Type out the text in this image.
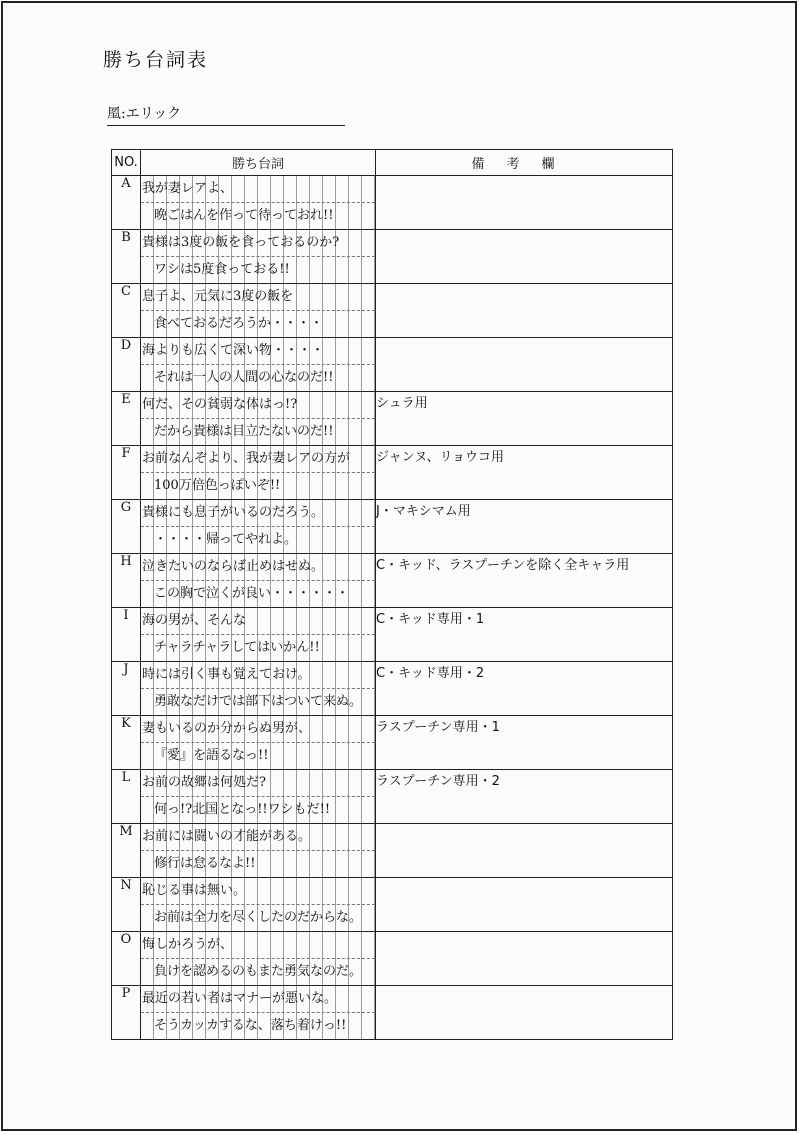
勝ち台詞表
㓘:エリック
NO.	勝ち台詞	備考欄
A	我が妻レアよ、
晩ごはんを作って待っておれ!!	

B	貴様は3度の飯を食っておるのか?
ワシは5度食っておる!!	

C	息子よ、元気に3度の飯を
食べておるだろうか・・・・	

D	海よりも広くて深い物・・・・
それは一人の人間の心なのだ!!	

E	何だ、その貧弱な体はっ!?
だから貴様は目立たないのだ!!	シュラ用
F	お前なんぞより、我が妻レアの方が
100万倍色っぽいぞ!!	ジャンヌ、リョウコ用
G	貴様にも息子がいるのだろう。
・・・・帰ってやれよ。	J・マキシマム用
H	泣きたいのならば止めはせぬ。
この胸で泣くが良い・・・・・・	C・キッド、ラスプーチンを除く全キャラ用
I	海の男が、そんな
チャラチャラしてはいかん!!	C・キッド専用・1
J	時には引く事も覚えておけ。
勇敢なだけでは部下はついて来ぬ。	C・キッド専用・2
K	妻もいるのか分からぬ男が、
『愛』を語るなっ!!	ラスプーチン専用・1
L	お前の故郷は何処だ?
何っ!?北国となっ!!ワシもだ!!	ラスプーチン専用・2
M	お前には闘いの才能がある。
修行は怠るなよ!!	

N	恥じる事は無い。
お前は全力を尽くしたのだからな。	

O	悔しかろうが、
負けを認めるのもまた勇気なのだ。	

P	最近の若い者はマナーが悪いな。
そうカッカするな、落ち着けっ!!	
